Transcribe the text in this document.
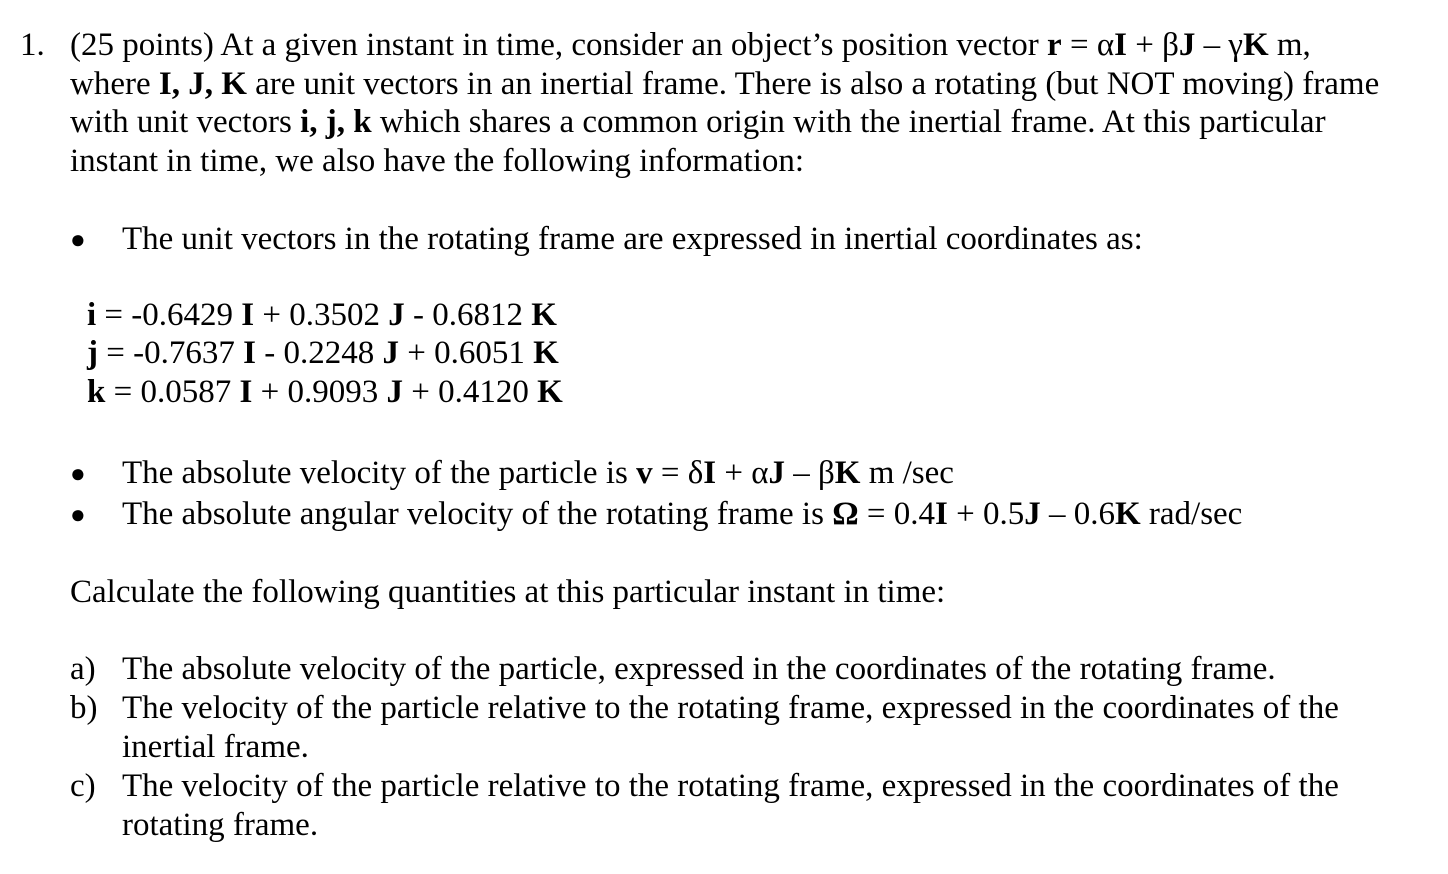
1. (25 points) At a given instant in time, consider an object’s position vector r = αI + βJ – γK m,
where I, J, K are unit vectors in an inertial frame. There is also a rotating (but NOT moving) frame
with unit vectors i, j, k which shares a common origin with the inertial frame. At this particular
instant in time, we also have the following information:
● The unit vectors in the rotating frame are expressed in inertial coordinates as:
i = -0.6429 I + 0.3502 J - 0.6812 K
j = -0.7637 I - 0.2248 J + 0.6051 K
k = 0.0587 I + 0.9093 J + 0.4120 K
● The absolute velocity of the particle is v = δI + αJ – βK m /sec
● The absolute angular velocity of the rotating frame is Ω = 0.4I + 0.5J – 0.6K rad/sec
Calculate the following quantities at this particular instant in time:
a) The absolute velocity of the particle, expressed in the coordinates of the rotating frame.
b) The velocity of the particle relative to the rotating frame, expressed in the coordinates of the
inertial frame.
c) The velocity of the particle relative to the rotating frame, expressed in the coordinates of the
rotating frame.
